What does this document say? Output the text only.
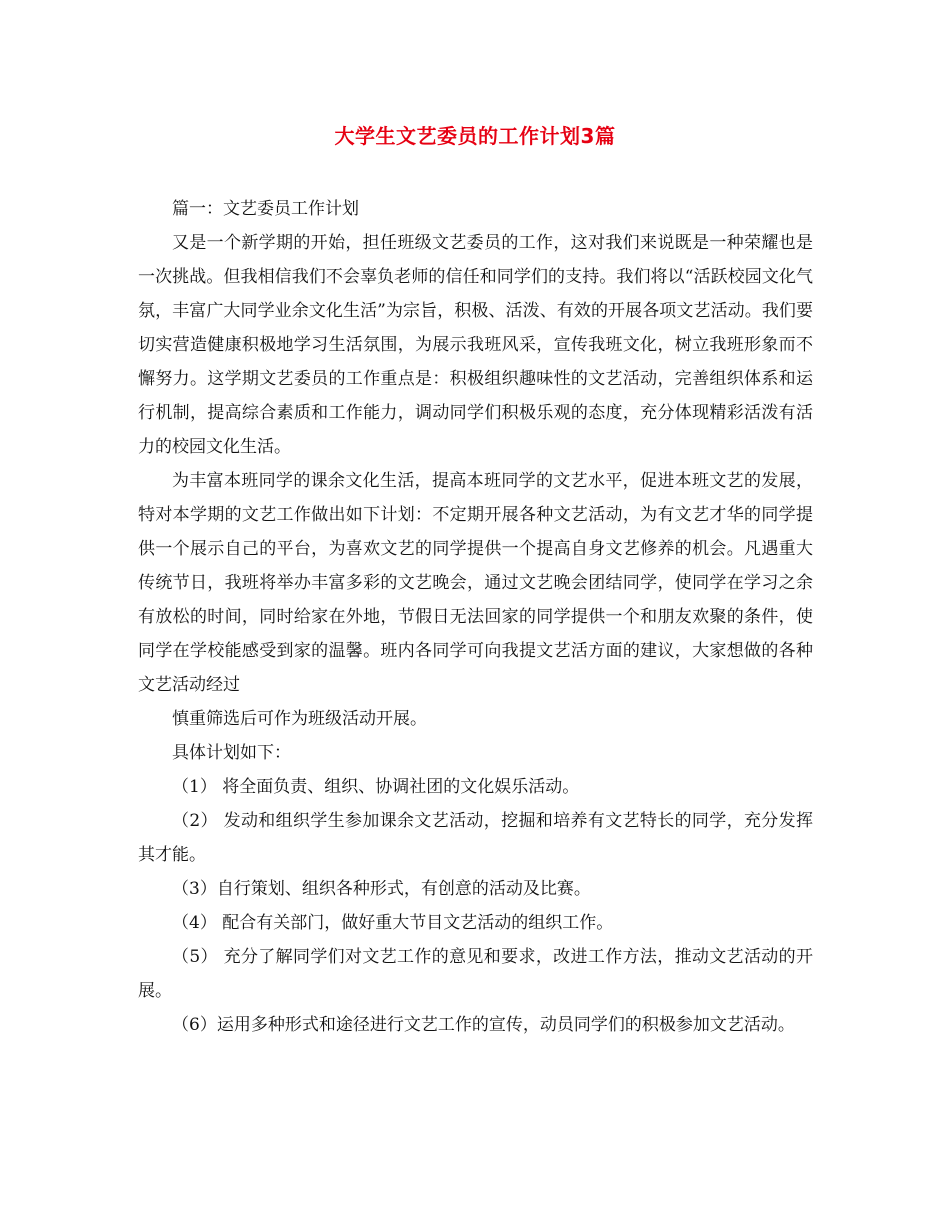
大学生文艺委员的工作计划3篇

篇一：文艺委员工作计划

又是一个新学期的开始，担任班级文艺委员的工作，这对我们来说既是一种荣耀也是一次挑战。但我相信我们不会辜负老师的信任和同学们的支持。我们将以“活跃校园文化气氛，丰富广大同学业余文化生活”为宗旨，积极、活泼、有效的开展各项文艺活动。我们要切实营造健康积极地学习生活氛围，为展示我班风采，宣传我班文化，树立我班形象而不懈努力。这学期文艺委员的工作重点是：积极组织趣味性的文艺活动，完善组织体系和运行机制，提高综合素质和工作能力，调动同学们积极乐观的态度，充分体现精彩活泼有活力的校园文化生活。

为丰富本班同学的课余文化生活，提高本班同学的文艺水平，促进本班文艺的发展，特对本学期的文艺工作做出如下计划：不定期开展各种文艺活动，为有文艺才华的同学提供一个展示自己的平台，为喜欢文艺的同学提供一个提高自身文艺修养的机会。凡遇重大传统节日，我班将举办丰富多彩的文艺晚会，通过文艺晚会团结同学，使同学在学习之余有放松的时间，同时给家在外地，节假日无法回家的同学提供一个和朋友欢聚的条件，使同学在学校能感受到家的温馨。班内各同学可向我提文艺活方面的建议，大家想做的各种文艺活动经过

慎重筛选后可作为班级活动开展。

具体计划如下：

（1） 将全面负责、组织、协调社团的文化娱乐活动。

（2） 发动和组织学生参加课余文艺活动，挖掘和培养有文艺特长的同学，充分发挥其才能。

（3）自行策划、组织各种形式，有创意的活动及比赛。

（4） 配合有关部门，做好重大节目文艺活动的组织工作。

（5） 充分了解同学们对文艺工作的意见和要求，改进工作方法，推动文艺活动的开展。

（6）运用多种形式和途径进行文艺工作的宣传，动员同学们的积极参加文艺活动。
